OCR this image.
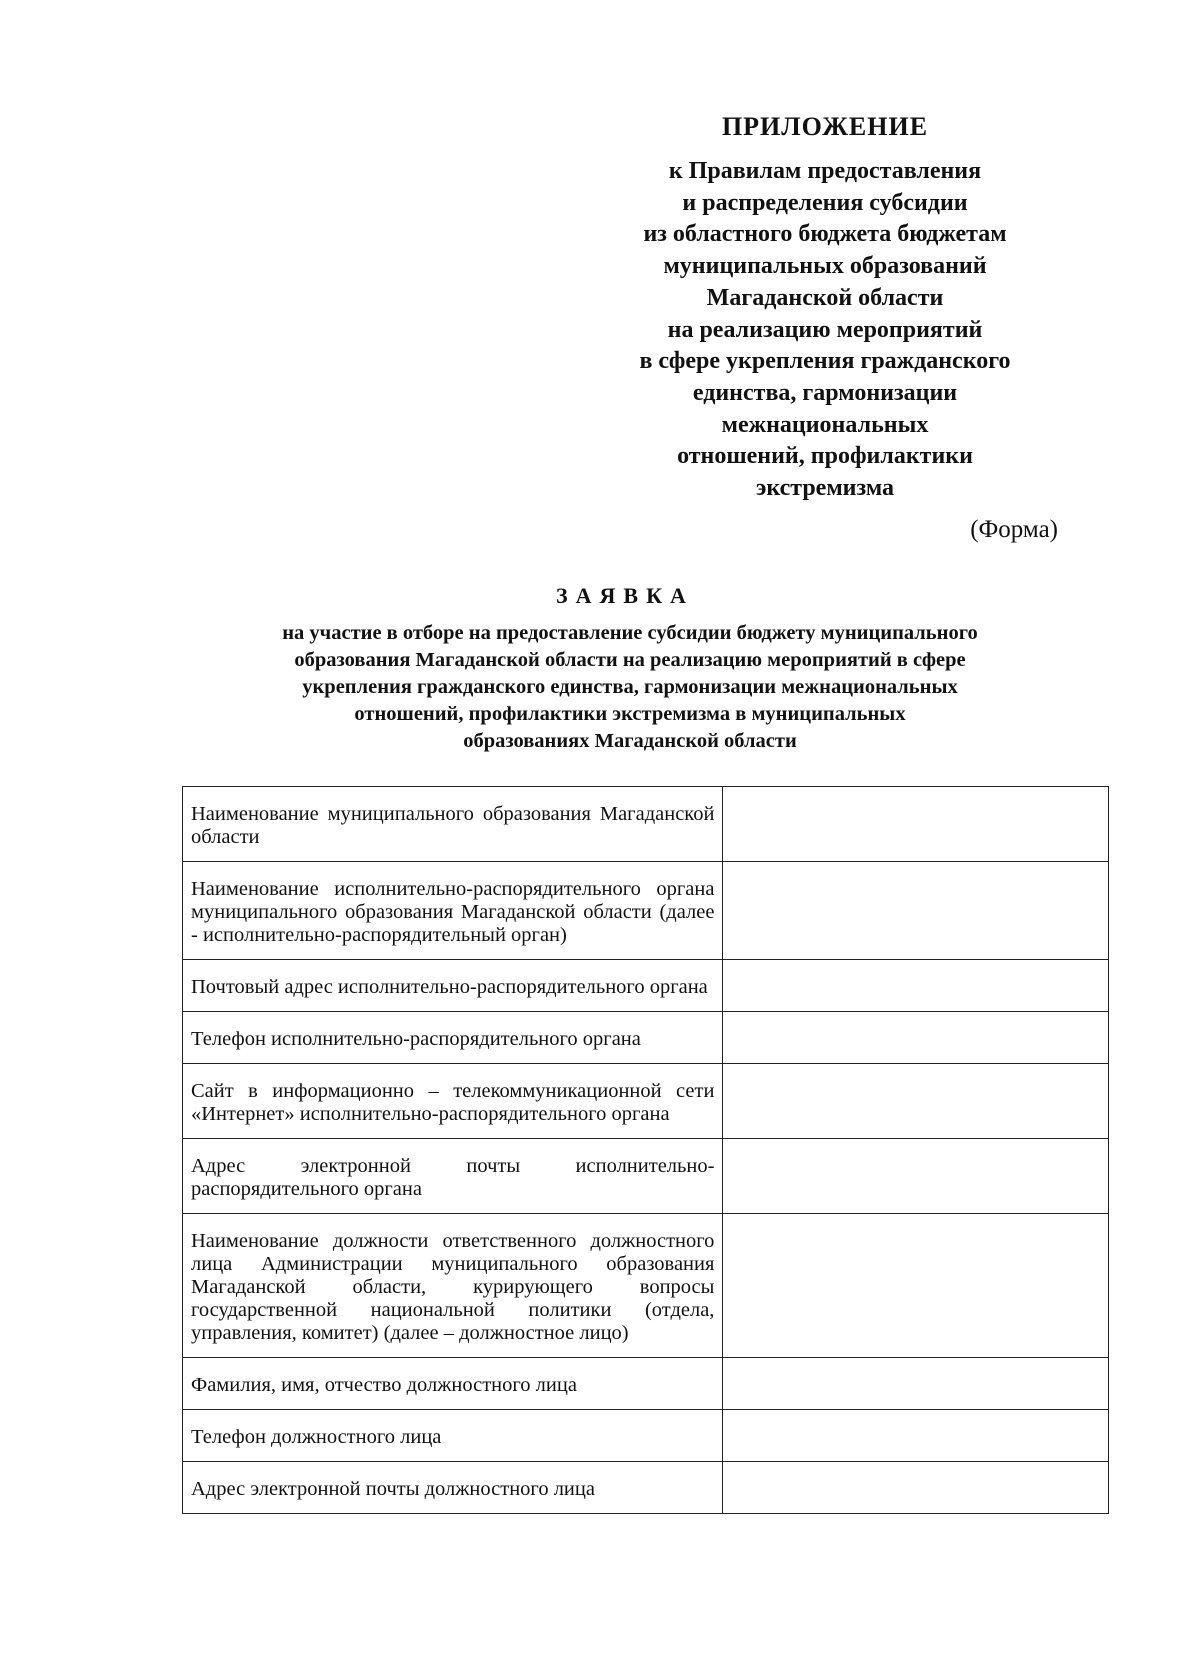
ПРИЛОЖЕНИЕ
к Правилам предоставления
и распределения субсидии
из областного бюджета бюджетам
муниципальных образований
Магаданской области
на реализацию мероприятий
в сфере укрепления гражданского
единства, гармонизации
межнациональных
отношений, профилактики
экстремизма
(Форма)
ЗАЯВКА
на участие в отборе на предоставление субсидии бюджету муниципального
образования Магаданской области на реализацию мероприятий в сфере
укрепления гражданского единства, гармонизации межнациональных
отношений, профилактики экстремизма в муниципальных
образованиях Магаданской области
Наименование муниципального образования Магаданской области	
Наименование исполнительно-распорядительного органа муниципального образования Магаданской области (далее - исполнительно-распорядительный орган)	
Почтовый адрес исполнительно-распорядительного органа	
Телефон исполнительно-распорядительного органа	
Сайт в информационно – телекоммуникационной сети «Интернет» исполнительно-распорядительного органа	
Адрес электронной почты исполнительно-распорядительного органа	
Наименование должности ответственного должностного лица Администрации муниципального образования Магаданской области, курирующего вопросы государственной национальной политики (отдела, управления, комитет) (далее – должностное лицо)	
Фамилия, имя, отчество должностного лица	
Телефон должностного лица	
Адрес электронной почты должностного лица	
